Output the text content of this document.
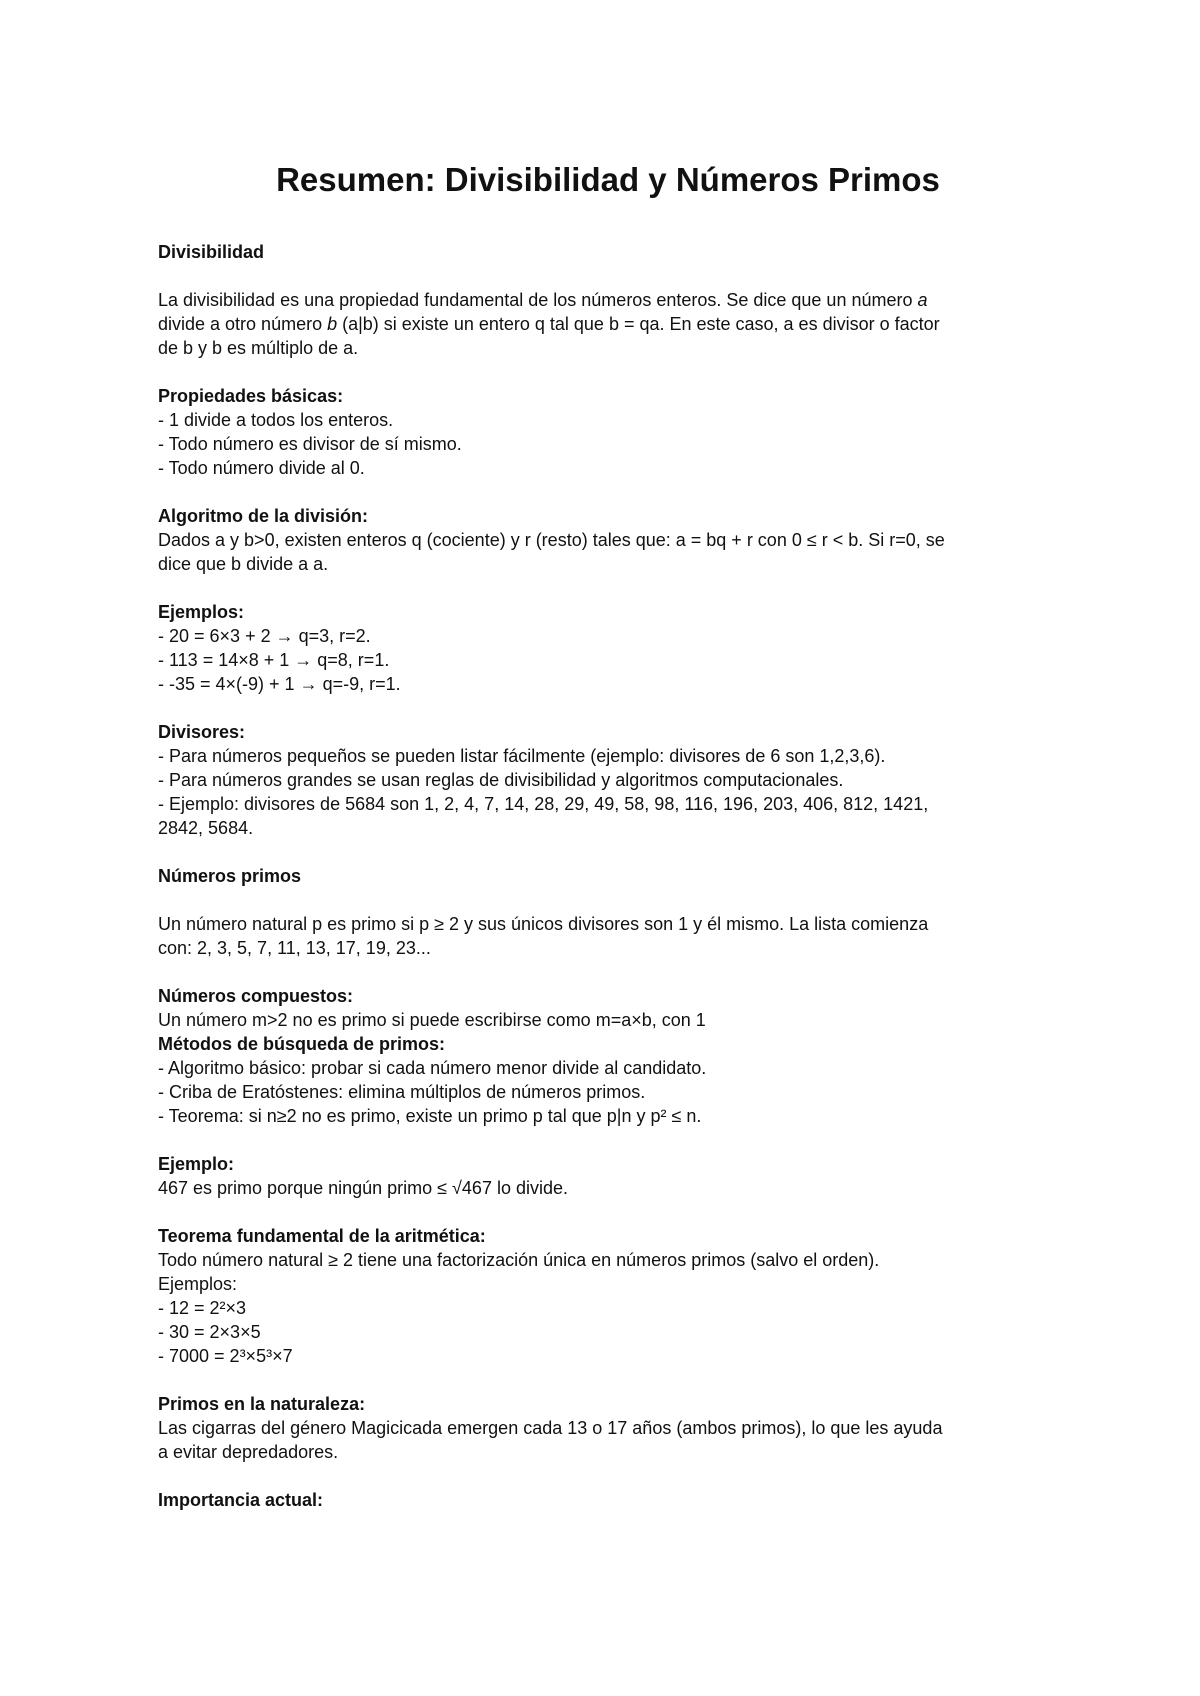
Resumen: Divisibilidad y Números Primos
Divisibilidad
La divisibilidad es una propiedad fundamental de los números enteros. Se dice que un número a
divide a otro número b (a|b) si existe un entero q tal que b = qa. En este caso, a es divisor o factor
de b y b es múltiplo de a.
Propiedades básicas:
- 1 divide a todos los enteros.
- Todo número es divisor de sí mismo.
- Todo número divide al 0.
Algoritmo de la división:
Dados a y b>0, existen enteros q (cociente) y r (resto) tales que: a = bq + r con 0 ≤ r < b. Si r=0, se
dice que b divide a a.
Ejemplos:
- 20 = 6×3 + 2 → q=3, r=2.
- 113 = 14×8 + 1 → q=8, r=1.
- -35 = 4×(-9) + 1 → q=-9, r=1.
Divisores:
- Para números pequeños se pueden listar fácilmente (ejemplo: divisores de 6 son 1,2,3,6).
- Para números grandes se usan reglas de divisibilidad y algoritmos computacionales.
- Ejemplo: divisores de 5684 son 1, 2, 4, 7, 14, 28, 29, 49, 58, 98, 116, 196, 203, 406, 812, 1421,
2842, 5684.
Números primos
Un número natural p es primo si p ≥ 2 y sus únicos divisores son 1 y él mismo. La lista comienza
con: 2, 3, 5, 7, 11, 13, 17, 19, 23...
Números compuestos:
Un número m>2 no es primo si puede escribirse como m=a×b, con 1
Métodos de búsqueda de primos:
- Algoritmo básico: probar si cada número menor divide al candidato.
- Criba de Eratóstenes: elimina múltiplos de números primos.
- Teorema: si n≥2 no es primo, existe un primo p tal que p|n y p² ≤ n.
Ejemplo:
467 es primo porque ningún primo ≤ √467 lo divide.
Teorema fundamental de la aritmética:
Todo número natural ≥ 2 tiene una factorización única en números primos (salvo el orden).
Ejemplos:
- 12 = 2²×3
- 30 = 2×3×5
- 7000 = 2³×5³×7
Primos en la naturaleza:
Las cigarras del género Magicicada emergen cada 13 o 17 años (ambos primos), lo que les ayuda
a evitar depredadores.
Importancia actual:
